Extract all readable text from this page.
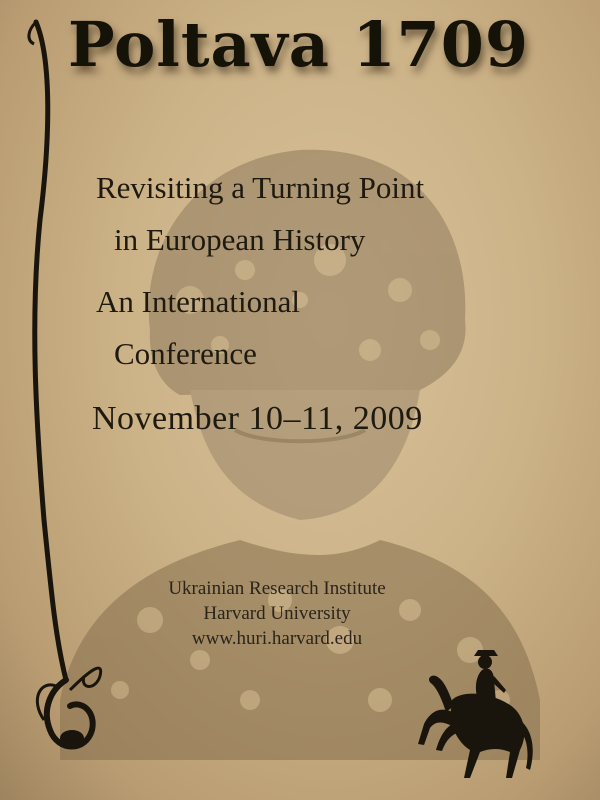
Poltava 1709
Revisiting a Turning Point
in European History
An International
Conference
November 10–11, 2009
Ukrainian Research Institute
Harvard University
www.huri.harvard.edu
